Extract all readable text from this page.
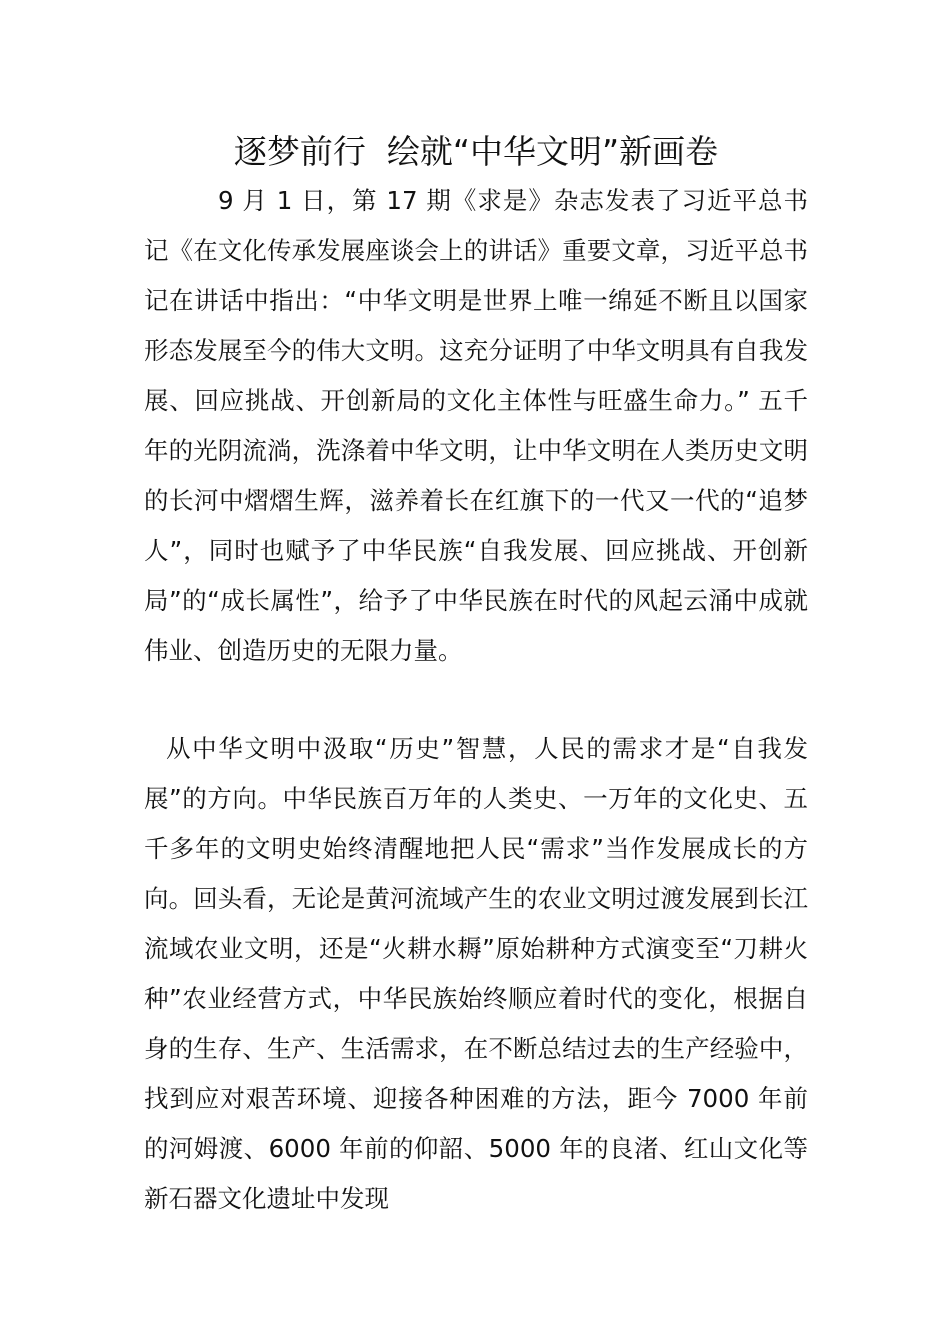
逐梦前行  绘就“中华文明”新画卷

9 月 1 日，第 17 期《求是》杂志发表了习近平总书记《在文化传承发展座谈会上的讲话》重要文章，习近平总书记在讲话中指出：“中华文明是世界上唯一绵延不断且以国家形态发展至今的伟大文明。这充分证明了中华文明具有自我发展、回应挑战、开创新局的文化主体性与旺盛生命力。” 五千年的光阴流淌，洗涤着中华文明，让中华文明在人类历史文明的长河中熠熠生辉，滋养着长在红旗下的一代又一代的“追梦人”，同时也赋予了中华民族“自我发展、回应挑战、开创新局”的“成长属性”，给予了中华民族在时代的风起云涌中成就伟业、创造历史的无限力量。

从中华文明中汲取“历史”智慧，人民的需求才是“自我发展”的方向。中华民族百万年的人类史、一万年的文化史、五千多年的文明史始终清醒地把人民“需求”当作发展成长的方向。回头看，无论是黄河流域产生的农业文明过渡发展到长江流域农业文明，还是“火耕水耨”原始耕种方式演变至“刀耕火种”农业经营方式，中华民族始终顺应着时代的变化，根据自身的生存、生产、生活需求，在不断总结过去的生产经验中，找到应对艰苦环境、迎接各种困难的方法，距今 7000 年前的河姆渡、6000 年前的仰韶、5000 年的良渚、红山文化等新石器文化遗址中发现
